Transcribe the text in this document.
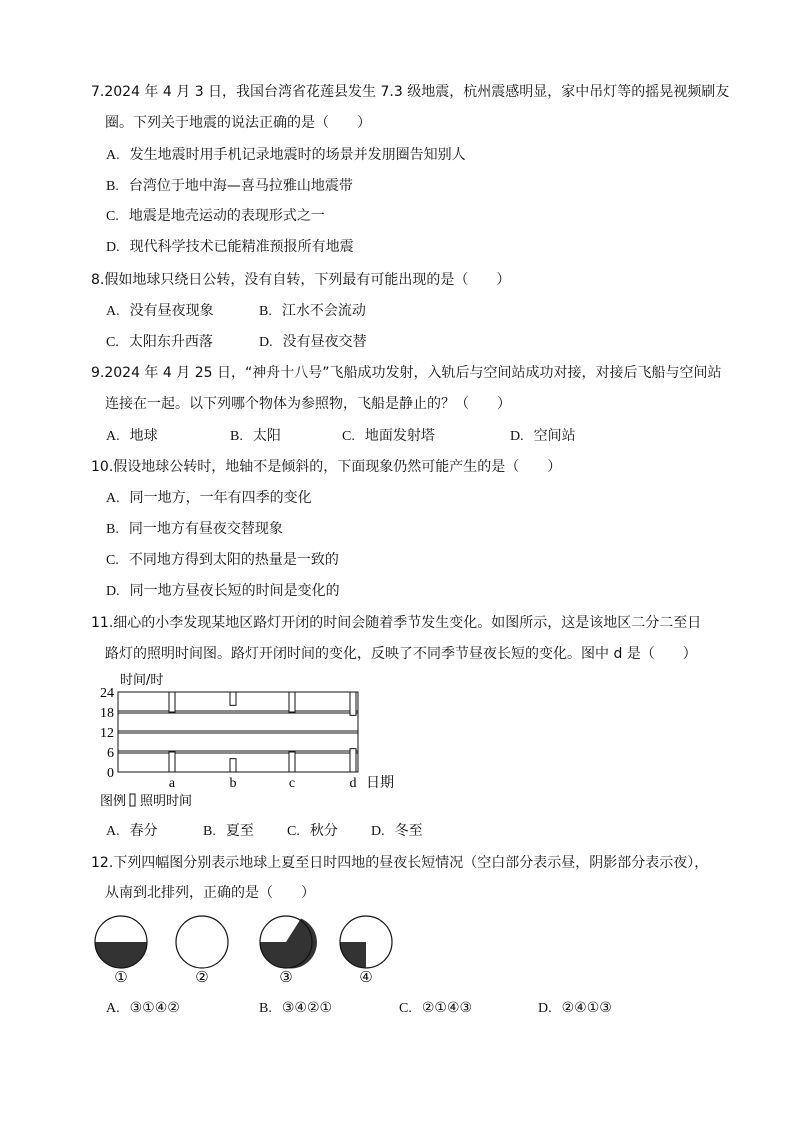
7.2024 年 4 月 3 日，我国台湾省花莲县发生 7.3 级地震，杭州震感明显，家中吊灯等的摇晃视频刷友
圈。下列关于地震的说法正确的是（　　）
A. 发生地震时用手机记录地震时的场景并发朋圈告知别人
B. 台湾位于地中海—喜马拉雅山地震带
C. 地震是地壳运动的表现形式之一
D. 现代科学技术已能精准预报所有地震
8.假如地球只绕日公转，没有自转，下列最有可能出现的是（　　）
A. 没有昼夜现象	B. 江水不会流动
C. 太阳东升西落	D. 没有昼夜交替
9.2024 年 4 月 25 日，“神舟十八号”飞船成功发射，入轨后与空间站成功对接，对接后飞船与空间站
连接在一起。以下列哪个物体为参照物，飞船是静止的？（　　）
A. 地球	B. 太阳	C. 地面发射塔	D. 空间站
10.假设地球公转时，地轴不是倾斜的，下面现象仍然可能产生的是（　　）
A. 同一地方，一年有四季的变化
B. 同一地方有昼夜交替现象
C. 不同地方得到太阳的热量是一致的
D. 同一地方昼夜长短的时间是变化的
11.细心的小李发现某地区路灯开闭的时间会随着季节发生变化。如图所示，这是该地区二分二至日
路灯的照明时间图。路灯开闭时间的变化，反映了不同季节昼夜长短的变化。图中 d 是（　　）
0
6
12
18
24
时间/时
a	b	c	d 日期
图例 照明时间
A. 春分	B. 夏至 C. 秋分 D. 冬至
12.下列四幅图分别表示地球上夏至日时四地的昼夜长短情况（空白部分表示昼，阴影部分表示夜），
从南到北排列，正确的是（　　）
①	②	③	④
A. ③①④②	B. ③④②①	C. ②①④③	D. ②④①③
